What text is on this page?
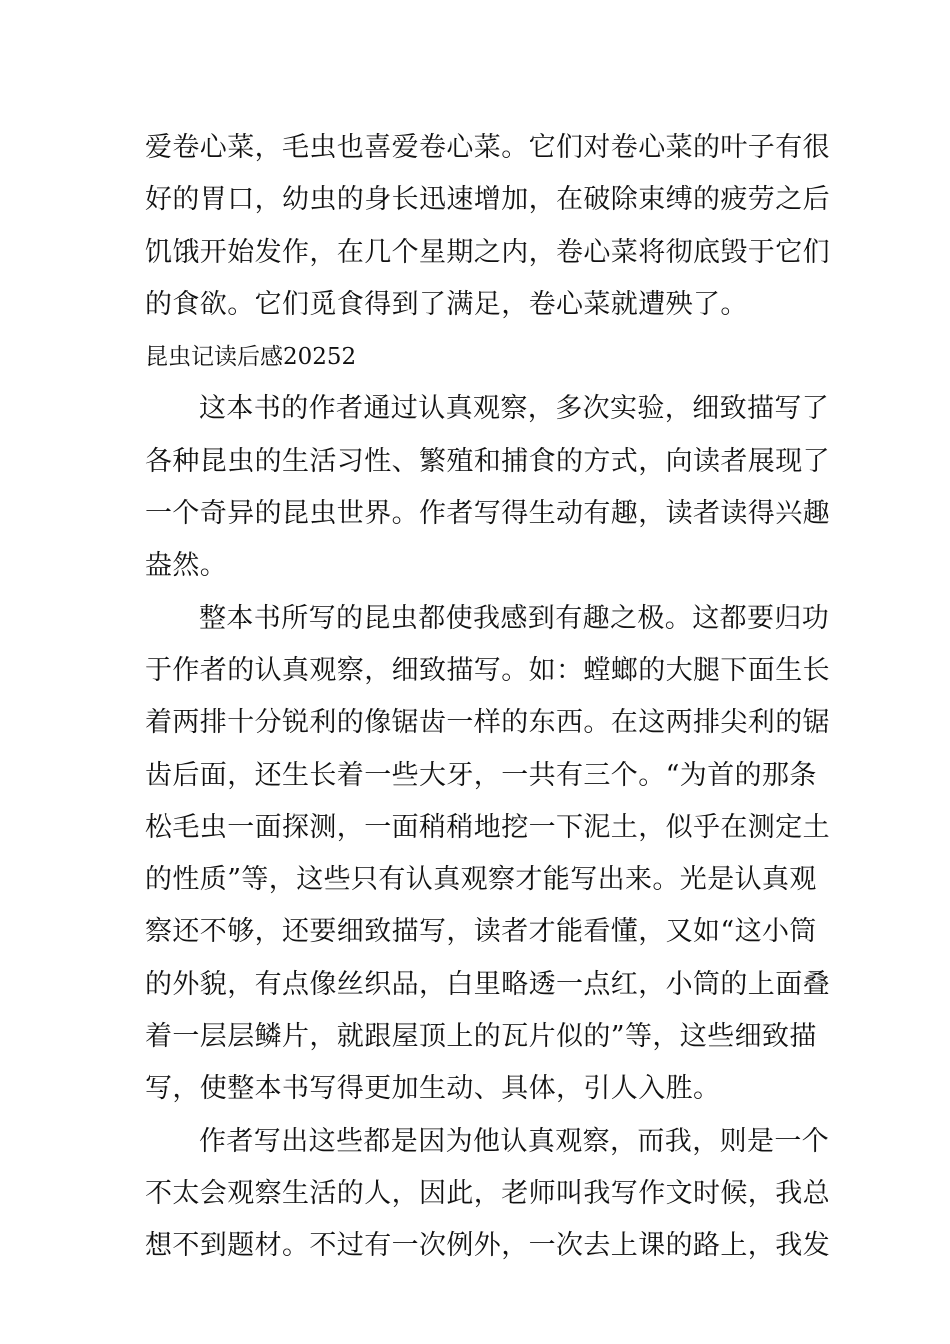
爱卷心菜，毛虫也喜爱卷心菜。它们对卷心菜的叶子有很
好的胃口，幼虫的身长迅速增加，在破除束缚的疲劳之后
饥饿开始发作，在几个星期之内，卷心菜将彻底毁于它们
的食欲。它们觅食得到了满足，卷心菜就遭殃了。
昆虫记读后感20252
这本书的作者通过认真观察，多次实验，细致描写了
各种昆虫的生活习性、繁殖和捕食的方式，向读者展现了
一个奇异的昆虫世界。作者写得生动有趣，读者读得兴趣
盎然。
整本书所写的昆虫都使我感到有趣之极。这都要归功
于作者的认真观察，细致描写。如：螳螂的大腿下面生长
着两排十分锐利的像锯齿一样的东西。在这两排尖利的锯
齿后面，还生长着一些大牙，一共有三个。“为首的那条
松毛虫一面探测，一面稍稍地挖一下泥土，似乎在测定土
的性质”等，这些只有认真观察才能写出来。光是认真观
察还不够，还要细致描写，读者才能看懂，又如“这小筒
的外貌，有点像丝织品，白里略透一点红，小筒的上面叠
着一层层鳞片，就跟屋顶上的瓦片似的”等，这些细致描
写，使整本书写得更加生动、具体，引人入胜。
作者写出这些都是因为他认真观察，而我，则是一个
不太会观察生活的人，因此，老师叫我写作文时候，我总
想不到题材。不过有一次例外，一次去上课的路上，我发
